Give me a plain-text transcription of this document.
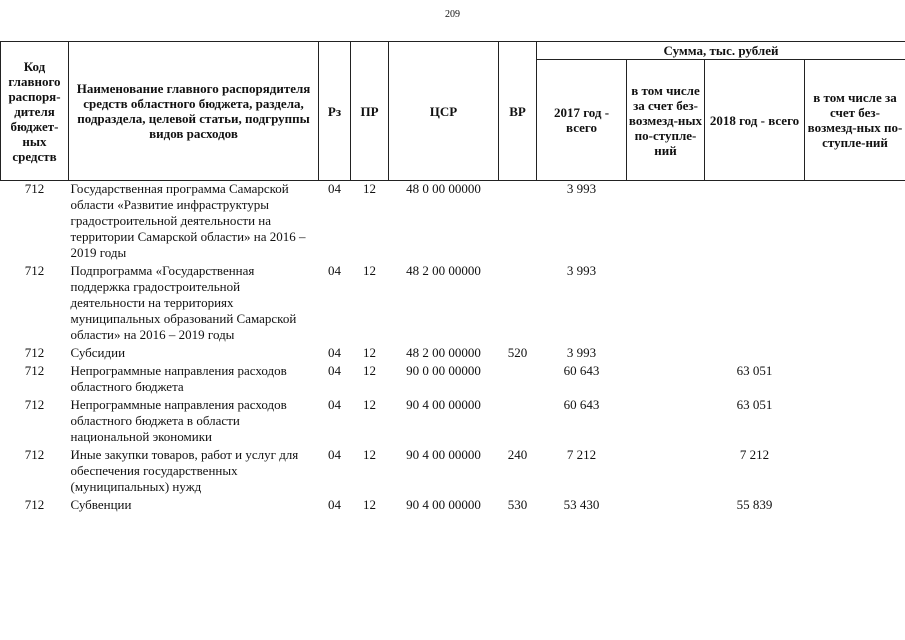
209
Код главного распоря-дителя бюджет-ных средств	Наименование главного распорядителя средств областного бюджета, раздела, подраздела, целевой статьи, подгруппы видов расходов	Рз	ПР	ЦСР	ВР	Сумма, тыс. рублей			
						2017 год - всего	в том числе за счет без-возмезд-ных по-ступле-ний	2018 год - всего	в том числе за счет без-возмезд-ных по-ступле-ний
712	Государственная программа Самарской области «Развитие инфраструктуры градостроительной деятельности на территории Самарской области» на 2016 – 2019 годы	04	12	48 0 00 00000		3 993			
712	Подпрограмма «Государственная поддержка градостроительной деятельности на территориях муниципальных образований Самарской области» на 2016 – 2019 годы	04	12	48 2 00 00000		3 993			
712	Субсидии	04	12	48 2 00 00000	520	3 993			
712	Непрограммные направления расходов областного бюджета	04	12	90 0 00 00000		60 643		63 051	
712	Непрограммные направления расходов областного бюджета в области национальной экономики	04	12	90 4 00 00000		60 643		63 051	
712	Иные закупки товаров, работ и услуг для обеспечения государственных (муниципальных) нужд	04	12	90 4 00 00000	240	7 212		7 212	
712	Субвенции	04	12	90 4 00 00000	530	53 430		55 839	
